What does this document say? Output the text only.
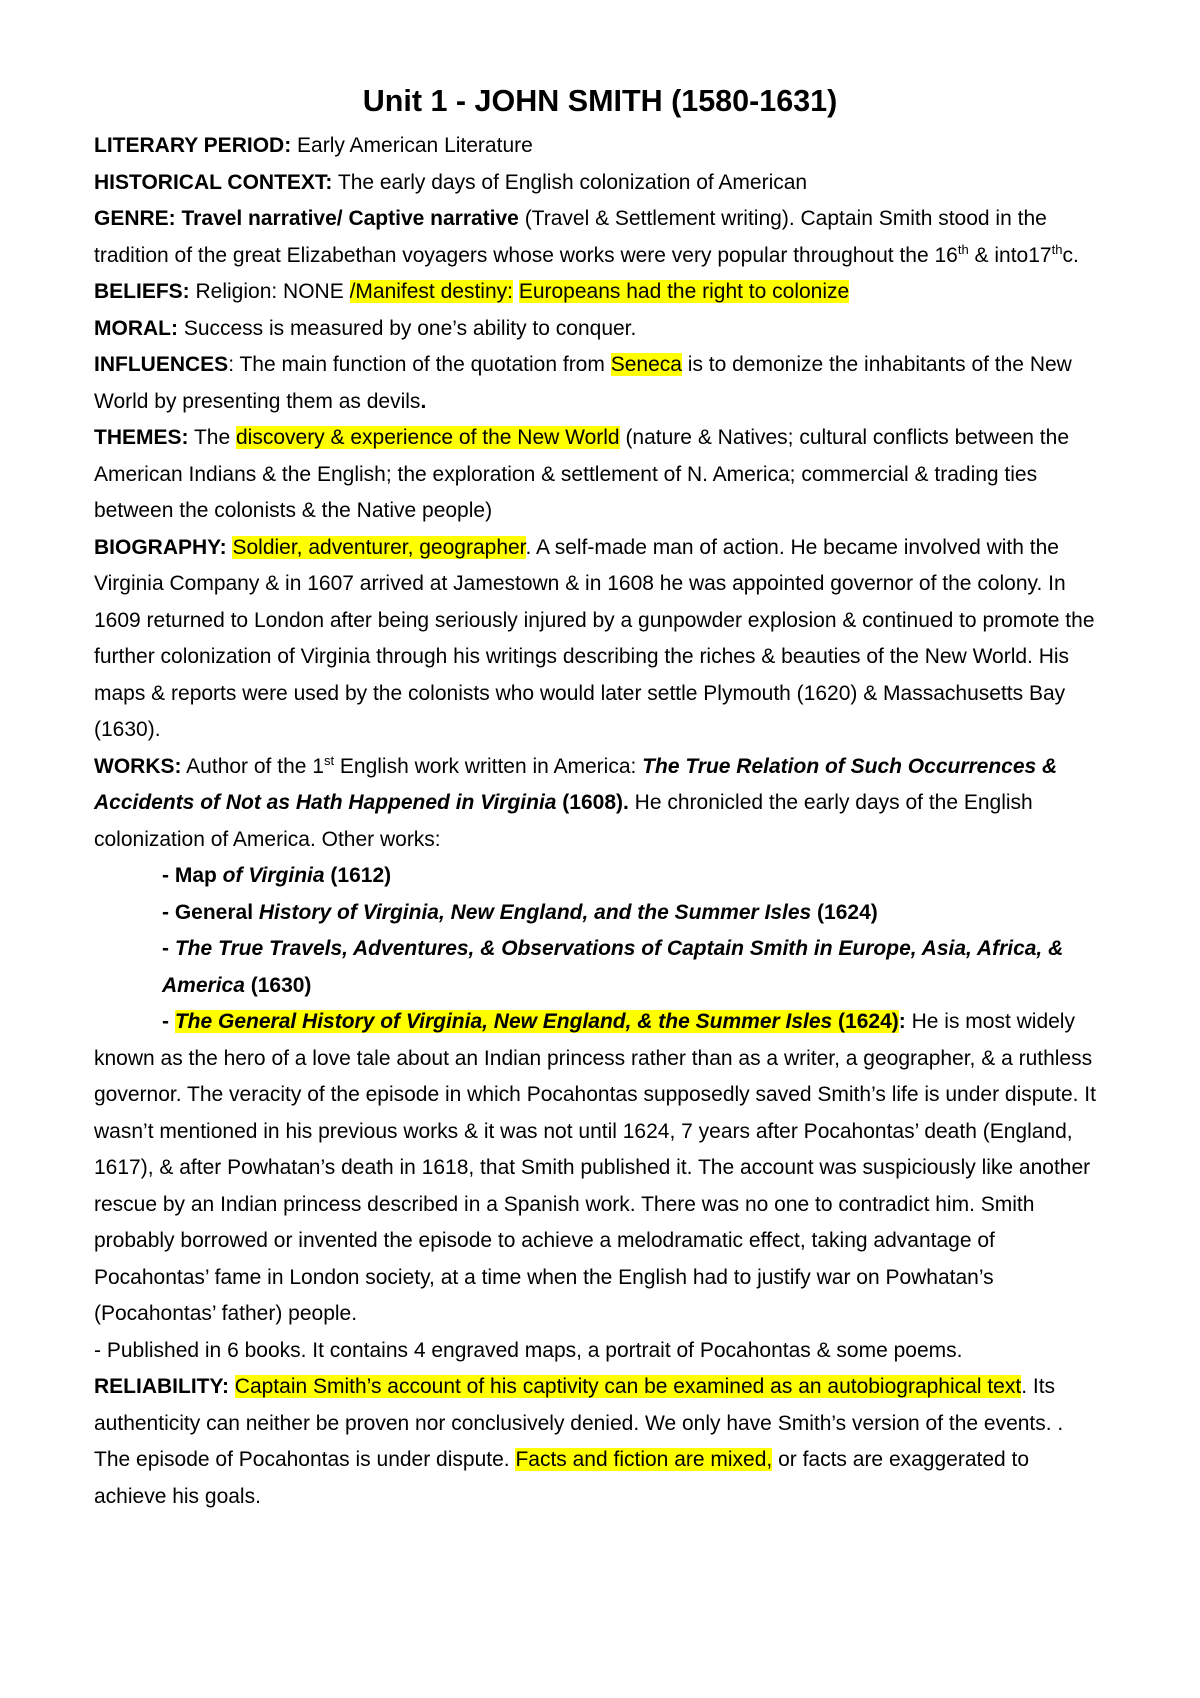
Unit 1 - JOHN SMITH (1580-1631)
LITERARY PERIOD: Early American Literature
HISTORICAL CONTEXT: The early days of English colonization of American
GENRE: Travel narrative/ Captive narrative (Travel & Settlement writing). Captain Smith stood in the
tradition of the great Elizabethan voyagers whose works were very popular throughout the 16th & into17thc.
BELIEFS: Religion: NONE /Manifest destiny: Europeans had the right to colonize
MORAL: Success is measured by one’s ability to conquer.
INFLUENCES: The main function of the quotation from Seneca is to demonize the inhabitants of the New
World by presenting them as devils.
THEMES: The discovery & experience of the New World (nature & Natives; cultural conflicts between the
American Indians & the English; the exploration & settlement of N. America; commercial & trading ties
between the colonists & the Native people)
BIOGRAPHY: Soldier, adventurer, geographer. A self-made man of action. He became involved with the
Virginia Company & in 1607 arrived at Jamestown & in 1608 he was appointed governor of the colony. In
1609 returned to London after being seriously injured by a gunpowder explosion & continued to promote the
further colonization of Virginia through his writings describing the riches & beauties of the New World. His
maps & reports were used by the colonists who would later settle Plymouth (1620) & Massachusetts Bay
(1630).
WORKS: Author of the 1st English work written in America: The True Relation of Such Occurrences &
Accidents of Not as Hath Happened in Virginia (1608). He chronicled the early days of the English
colonization of America. Other works:
- Map of Virginia (1612)
- General History of Virginia, New England, and the Summer Isles (1624)
- The True Travels, Adventures, & Observations of Captain Smith in Europe, Asia, Africa, &
America (1630)
- The General History of Virginia, New England, & the Summer Isles (1624): He is most widely
known as the hero of a love tale about an Indian princess rather than as a writer, a geographer, & a ruthless
governor. The veracity of the episode in which Pocahontas supposedly saved Smith’s life is under dispute. It
wasn’t mentioned in his previous works & it was not until 1624, 7 years after Pocahontas’ death (England,
1617), & after Powhatan’s death in 1618, that Smith published it. The account was suspiciously like another
rescue by an Indian princess described in a Spanish work. There was no one to contradict him. Smith
probably borrowed or invented the episode to achieve a melodramatic effect, taking advantage of
Pocahontas’ fame in London society, at a time when the English had to justify war on Powhatan’s
(Pocahontas’ father) people.
- Published in 6 books. It contains 4 engraved maps, a portrait of Pocahontas & some poems.
RELIABILITY: Captain Smith’s account of his captivity can be examined as an autobiographical text. Its
authenticity can neither be proven nor conclusively denied. We only have Smith’s version of the events. .
The episode of Pocahontas is under dispute. Facts and fiction are mixed, or facts are exaggerated to
achieve his goals.
